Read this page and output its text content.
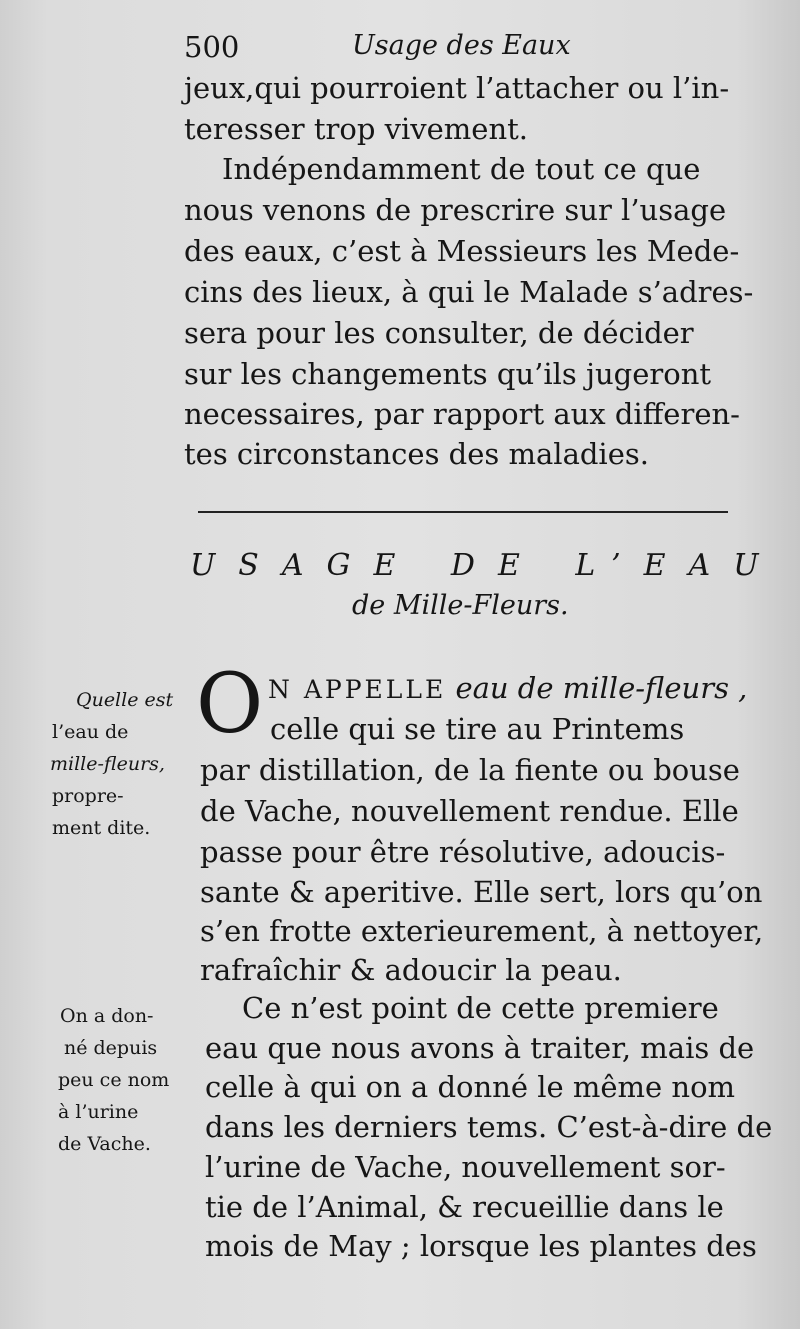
500	Usage des Eaux
jeux,qui pourroient l’attacher ou l’in-
teresser trop vivement.
Indépendamment de tout ce que
nous venons de prescrire sur l’usage
des eaux, c’est à Messieurs les Mede-
cins des lieux, à qui le Malade s’adres-
sera pour les consulter, de décider
sur les changements qu’ils jugeront
necessaires, par rapport aux differen-
tes circonstances des maladies.
USAGE DE L’EAU
de Mille-Fleurs.
O N APPELLE eau de mille-fleurs ,
celle qui se tire au Printems
par distillation, de la fiente ou bouse
de Vache, nouvellement rendue. Elle
passe pour être résolutive, adoucis-
sante & aperitive. Elle sert, lors qu’on
s’en frotte exterieurement, à nettoyer,
rafraîchir & adoucir la peau.
Ce n’est point de cette premiere
eau que nous avons à traiter, mais de
celle à qui on a donné le même nom
dans les derniers tems. C’est-à-dire de
l’urine de Vache, nouvellement sor-
tie de l’Animal, & recueillie dans le
mois de May ; lorsque les plantes des
Quelle est
l’eau de
mille-fleurs,
propre-
ment dite.
On a don-
né depuis
peu ce nom
à l’urine
de Vache.
